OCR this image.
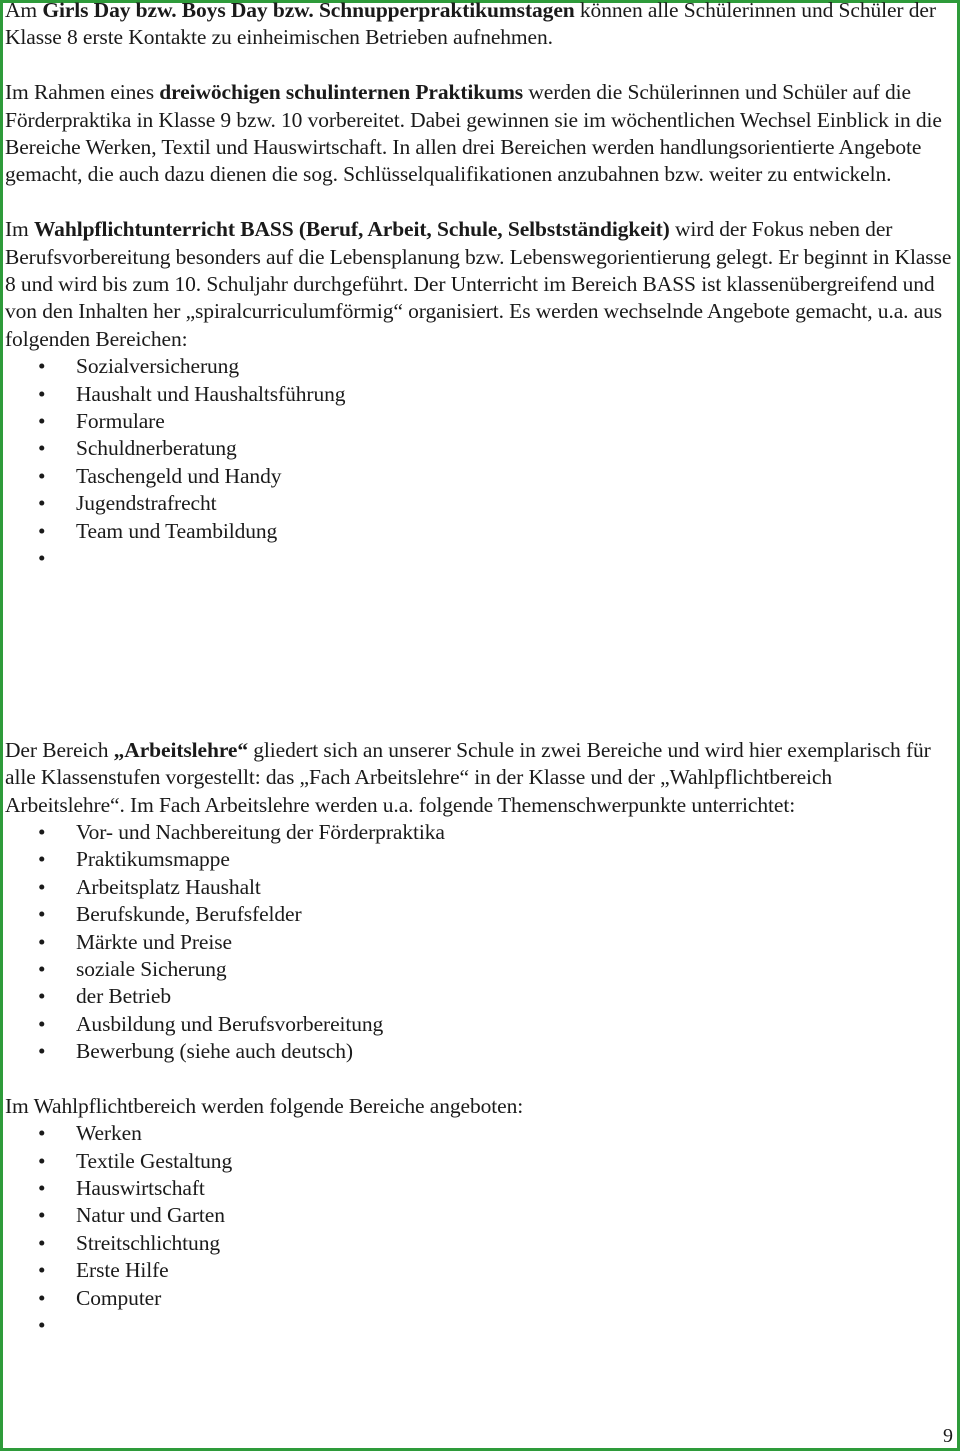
Am Girls Day bzw. Boys Day bzw. Schnupperpraktikumstagen können alle Schülerinnen und Schüler der Klasse 8 erste Kontakte zu einheimischen Betrieben aufnehmen.

Im Rahmen eines dreiwöchigen schulinternen Praktikums werden die Schülerinnen und Schüler auf die Förderpraktika in Klasse 9 bzw. 10 vorbereitet. Dabei gewinnen sie im wöchentlichen Wechsel Einblick in die Bereiche Werken, Textil und Hauswirtschaft. In allen drei Bereichen werden handlungsorientierte Angebote gemacht, die auch dazu dienen die sog. Schlüsselqualifikationen anzubahnen bzw. weiter zu entwickeln.

Im Wahlpflichtunterricht BASS (Beruf, Arbeit, Schule, Selbstständigkeit) wird der Fokus neben der Berufsvorbereitung besonders auf die Lebensplanung bzw. Lebenswegorientierung gelegt. Er beginnt in Klasse 8 und wird bis zum 10. Schuljahr durchgeführt. Der Unterricht im Bereich BASS ist klassenübergreifend und von den Inhalten her „spiralcurriculumförmig“ organisiert. Es werden wechselnde Angebote gemacht, u.a. aus folgenden Bereichen:

• Sozialversicherung
• Haushalt und Haushaltsführung
• Formulare
• Schuldnerberatung
• Taschengeld und Handy
• Jugendstrafrecht
• Team und Teambildung
•

Der Bereich „Arbeitslehre“ gliedert sich an unserer Schule in zwei Bereiche und wird hier exemplarisch für alle Klassenstufen vorgestellt: das „Fach Arbeitslehre“ in der Klasse und der „Wahlpflichtbereich Arbeitslehre“. Im Fach Arbeitslehre werden u.a. folgende Themenschwerpunkte unterrichtet:

• Vor- und Nachbereitung der Förderpraktika
• Praktikumsmappe
• Arbeitsplatz Haushalt
• Berufskunde, Berufsfelder
• Märkte und Preise
• soziale Sicherung
• der Betrieb
• Ausbildung und Berufsvorbereitung
• Bewerbung (siehe auch deutsch)

Im Wahlpflichtbereich werden folgende Bereiche angeboten:

• Werken
• Textile Gestaltung
• Hauswirtschaft
• Natur und Garten
• Streitschlichtung
• Erste Hilfe
• Computer
•
9
